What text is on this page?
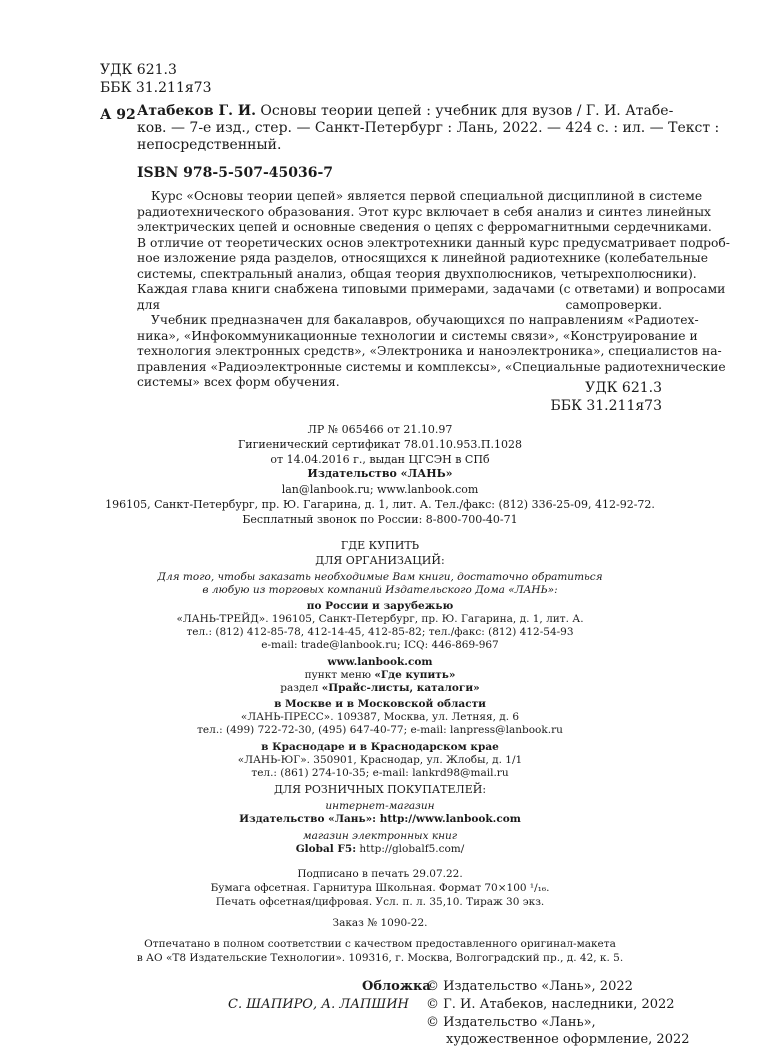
УДК 621.3
ББК 31.211я73
А 92 Атабеков Г. И. Основы теории цепей : учебник для вузов / Г. И. Атабе-
ков. — 7-е изд., стер. — Санкт-Петербург : Лань, 2022. — 424 с. : ил. — Текст :
непосредственный.
ISBN 978-5-507-45036-7
Курс «Основы теории цепей» является первой специальной дисциплиной в системе
радиотехнического образования. Этот курс включает в себя анализ и синтез линейных
электрических цепей и основные сведения о цепях с ферромагнитными сердечниками.
В отличие от теоретических основ электротехники данный курс предусматривает подроб-
ное изложение ряда разделов, относящихся к линейной радиотехнике (колебательные
системы, спектральный анализ, общая теория двухполюсников, четырехполюсники).
Каждая глава книги снабжена типовыми примерами, задачами (с ответами) и вопросами
для самопроверки.
Учебник предназначен для бакалавров, обучающихся по направлениям «Радиотех-
ника», «Инфокоммуникационные технологии и системы связи», «Конструирование и
технология электронных средств», «Электроника и наноэлектроника», специалистов на-
правления «Радиоэлектронные системы и комплексы», «Специальные радиотехнические
системы» всех форм обучения.	УДК 621.3
ББК 31.211я73
ЛР № 065466 от 21.10.97
Гигиенический сертификат 78.01.10.953.П.1028
от 14.04.2016 г., выдан ЦГСЭН в СПб
Издательство «ЛАНЬ»
lan@lanbook.ru; www.lanbook.com
196105, Санкт-Петербург, пр. Ю. Гагарина, д. 1, лит. А. Тел./факс: (812) 336-25-09, 412-92-72.
Бесплатный звонок по России: 8-800-700-40-71
ГДЕ КУПИТЬ
ДЛЯ ОРГАНИЗАЦИЙ:
Для того, чтобы заказать необходимые Вам книги, достаточно обратиться
в любую из торговых компаний Издательского Дома «ЛАНЬ»:
по России и зарубежью
«ЛАНЬ-ТРЕЙД». 196105, Санкт-Петербург, пр. Ю. Гагарина, д. 1, лит. А.
тел.: (812) 412-85-78, 412-14-45, 412-85-82; тел./факс: (812) 412-54-93
e-mail: trade@lanbook.ru; ICQ: 446-869-967
www.lanbook.com
пункт меню «Где купить»
раздел «Прайс-листы, каталоги»
в Москве и в Московской области
«ЛАНЬ-ПРЕСС». 109387, Москва, ул. Летняя, д. 6
тел.: (499) 722-72-30, (495) 647-40-77; e-mail: lanpress@lanbook.ru
в Краснодаре и в Краснодарском крае
«ЛАНЬ-ЮГ». 350901, Краснодар, ул. Жлобы, д. 1/1
тел.: (861) 274-10-35; e-mail: lankrd98@mail.ru
ДЛЯ РОЗНИЧНЫХ ПОКУПАТЕЛЕЙ:
интернет-магазин
Издательство «Лань»: http://www.lanbook.com
магазин электронных книг
Global F5: http://globalf5.com/
Подписано в печать 29.07.22.
Бумага офсетная. Гарнитура Школьная. Формат 70×100 ¹/₁₆.
Печать офсетная/цифровая. Усл. п. л. 35,10. Тираж 30 экз.
Заказ № 1090-22.
Отпечатано в полном соответствии с качеством предоставленного оригинал-макета
в АО «Т8 Издательские Технологии». 109316, г. Москва, Волгоградский пр., д. 42, к. 5.
Обложка
С. ШАПИРО, А. ЛАПШИН
© Издательство «Лань», 2022
© Г. И. Атабеков, наследники, 2022
© Издательство «Лань»,
художественное оформление, 2022
